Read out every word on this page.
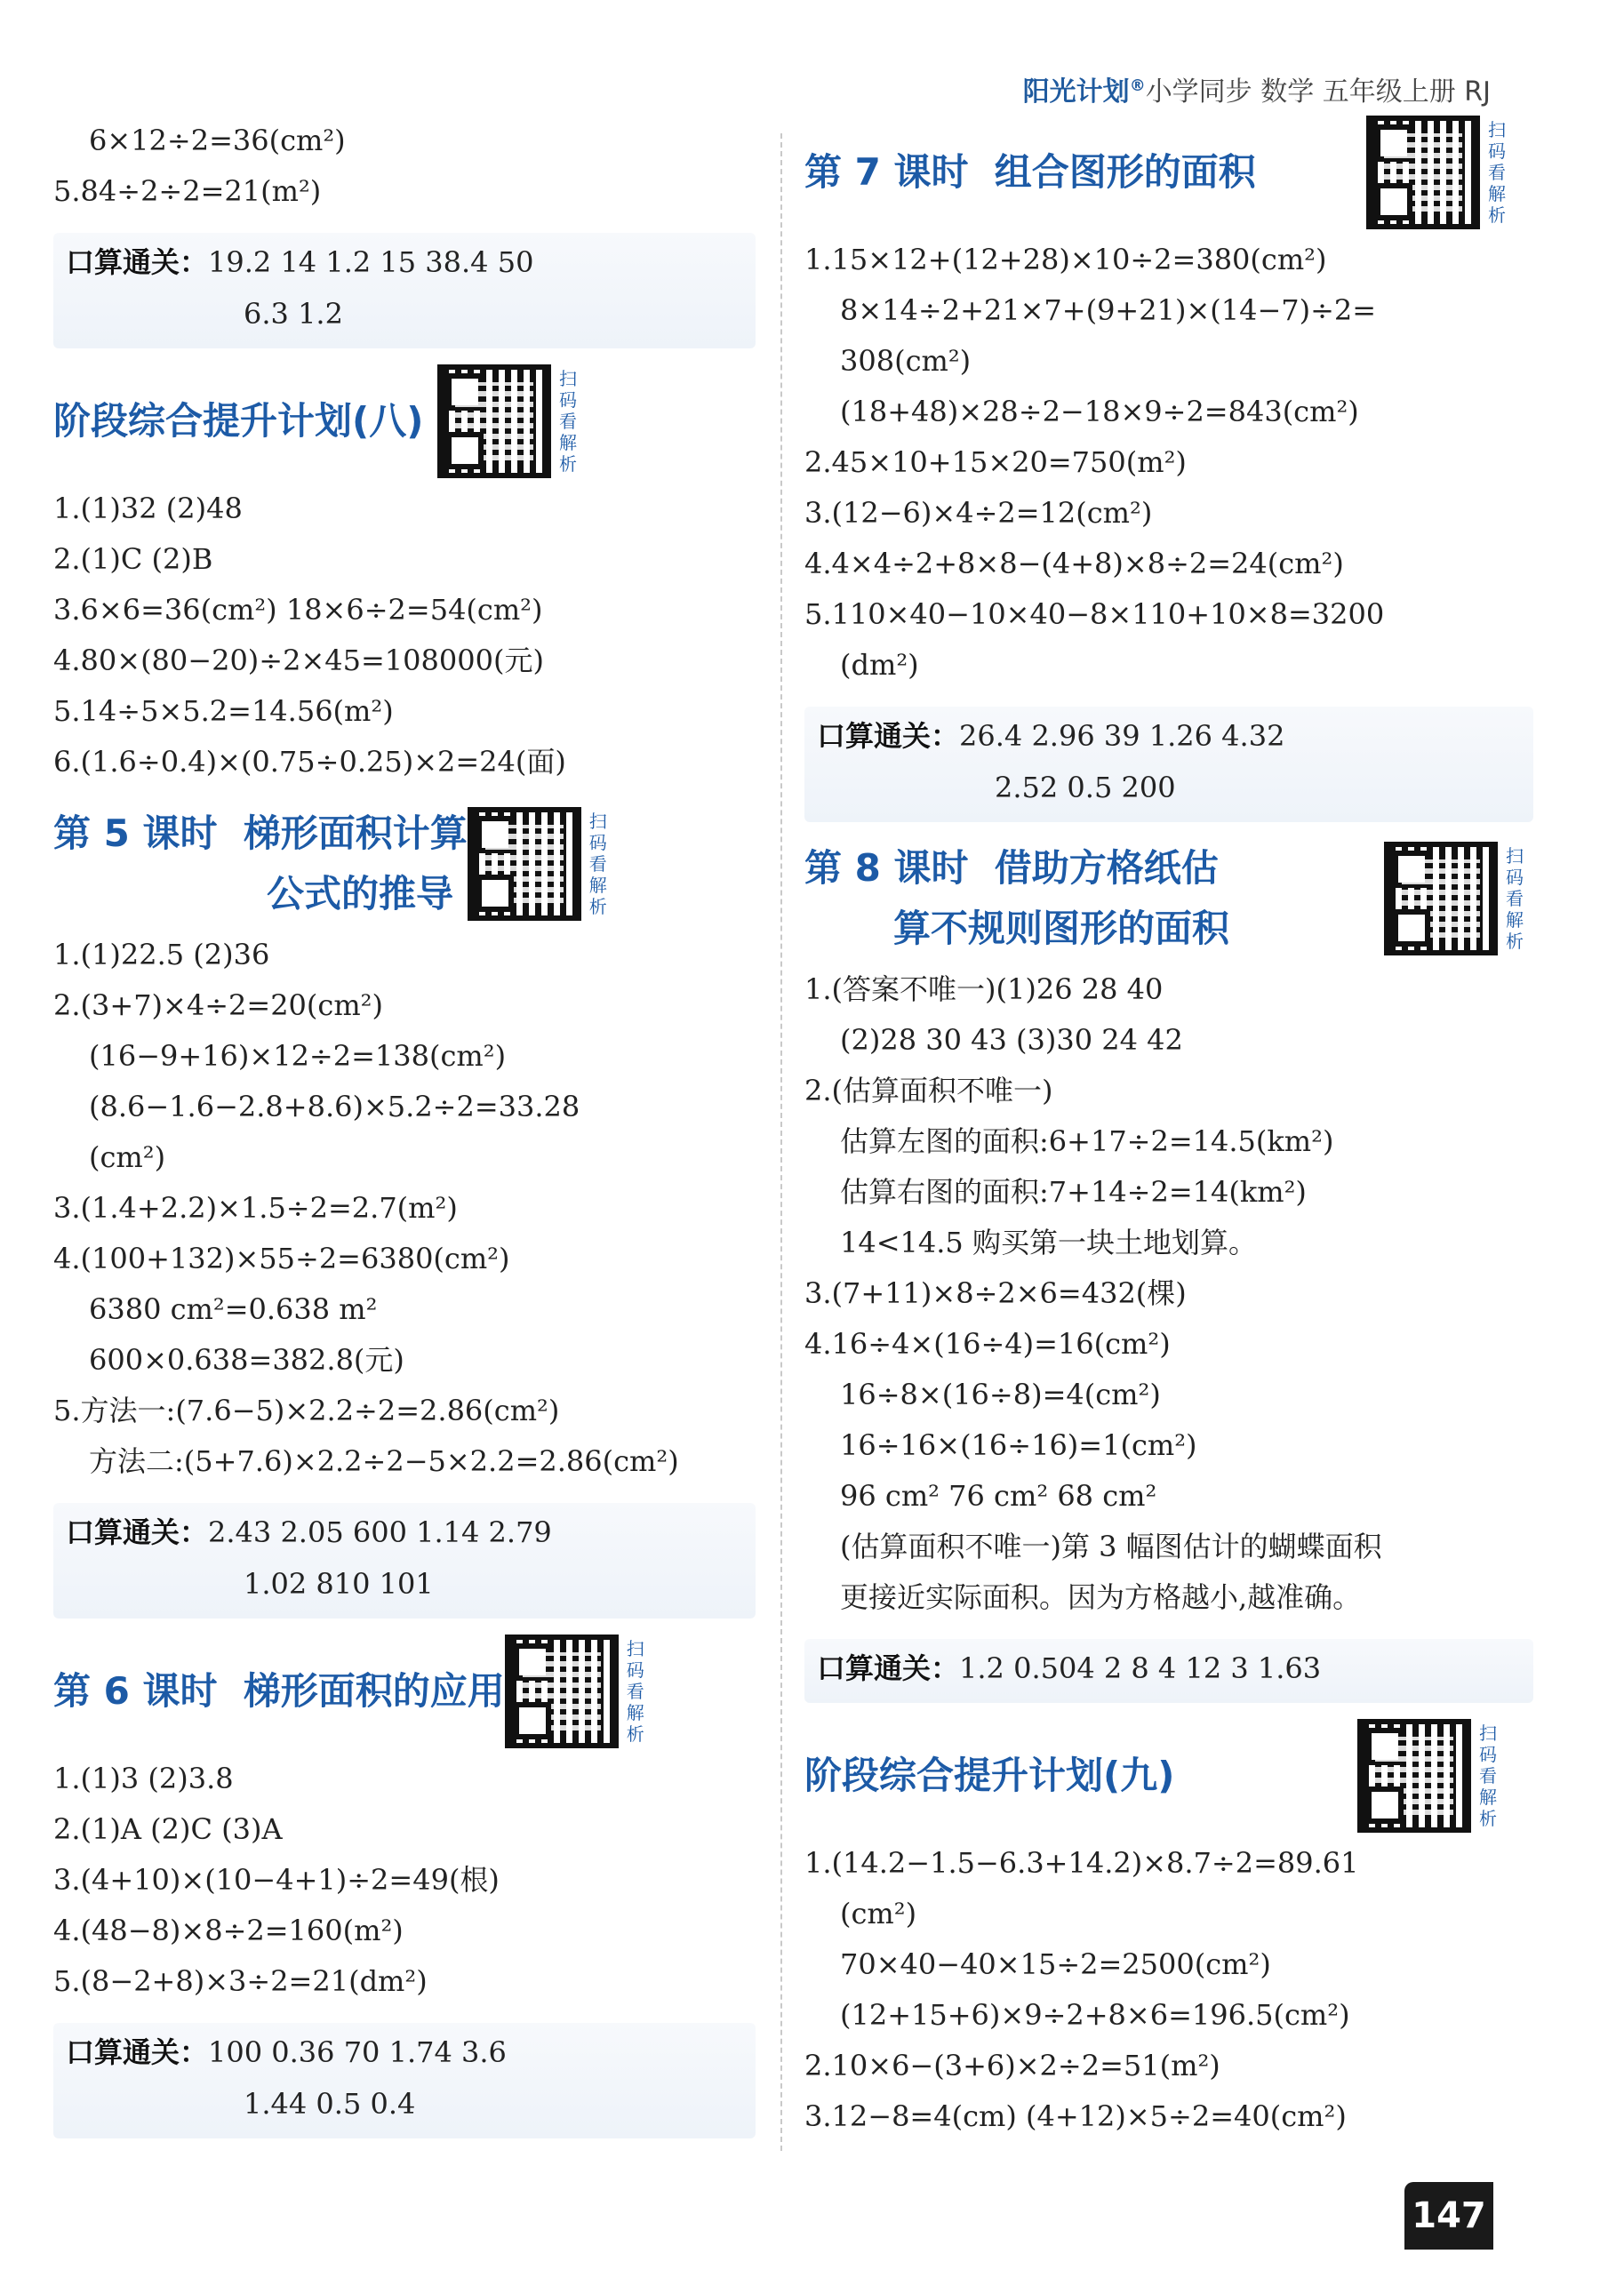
阳光计划®小学同步 数学 五年级上册 RJ
6×12÷2=36(cm²)
5.84÷2÷2=21(m²)
口算通关：19.2 14 1.2 15 38.4 50
6.3 1.2
阶段综合提升计划(八)
扫码看解析
1.(1)32 (2)48
2.(1)C (2)B
3.6×6=36(cm²) 18×6÷2=54(cm²)
4.80×(80−20)÷2×45=108000(元)
5.14÷5×5.2=14.56(m²)
6.(1.6÷0.4)×(0.75÷0.25)×2=24(面)
第 5 课时  梯形面积计算
公式的推导
扫码看解析
1.(1)22.5 (2)36
2.(3+7)×4÷2=20(cm²)
(16−9+16)×12÷2=138(cm²)
(8.6−1.6−2.8+8.6)×5.2÷2=33.28
(cm²)
3.(1.4+2.2)×1.5÷2=2.7(m²)
4.(100+132)×55÷2=6380(cm²)
6380 cm²=0.638 m²
600×0.638=382.8(元)
5.方法一:(7.6−5)×2.2÷2=2.86(cm²)
方法二:(5+7.6)×2.2÷2−5×2.2=2.86(cm²)
口算通关：2.43 2.05 600 1.14 2.79
1.02 810 101
第 6 课时  梯形面积的应用
扫码看解析
1.(1)3 (2)3.8
2.(1)A (2)C (3)A
3.(4+10)×(10−4+1)÷2=49(根)
4.(48−8)×8÷2=160(m²)
5.(8−2+8)×3÷2=21(dm²)
口算通关：100 0.36 70 1.74 3.6
1.44 0.5 0.4
第 7 课时  组合图形的面积
扫码看解析
1.15×12+(12+28)×10÷2=380(cm²)
8×14÷2+21×7+(9+21)×(14−7)÷2=
308(cm²)
(18+48)×28÷2−18×9÷2=843(cm²)
2.45×10+15×20=750(m²)
3.(12−6)×4÷2=12(cm²)
4.4×4÷2+8×8−(4+8)×8÷2=24(cm²)
5.110×40−10×40−8×110+10×8=3200
(dm²)
口算通关：26.4 2.96 39 1.26 4.32
2.52 0.5 200
第 8 课时  借助方格纸估
算不规则图形的面积
扫码看解析
1.(答案不唯一)(1)26 28 40
(2)28 30 43 (3)30 24 42
2.(估算面积不唯一)
估算左图的面积:6+17÷2=14.5(km²)
估算右图的面积:7+14÷2=14(km²)
14<14.5 购买第一块土地划算。
3.(7+11)×8÷2×6=432(棵)
4.16÷4×(16÷4)=16(cm²)
16÷8×(16÷8)=4(cm²)
16÷16×(16÷16)=1(cm²)
96 cm² 76 cm² 68 cm²
(估算面积不唯一)第 3 幅图估计的蝴蝶面积
更接近实际面积。因为方格越小,越准确。
口算通关：1.2 0.504 2 8 4 12 3 1.63
阶段综合提升计划(九)
扫码看解析
1.(14.2−1.5−6.3+14.2)×8.7÷2=89.61
(cm²)
70×40−40×15÷2=2500(cm²)
(12+15+6)×9÷2+8×6=196.5(cm²)
2.10×6−(3+6)×2÷2=51(m²)
3.12−8=4(cm) (4+12)×5÷2=40(cm²)
147
